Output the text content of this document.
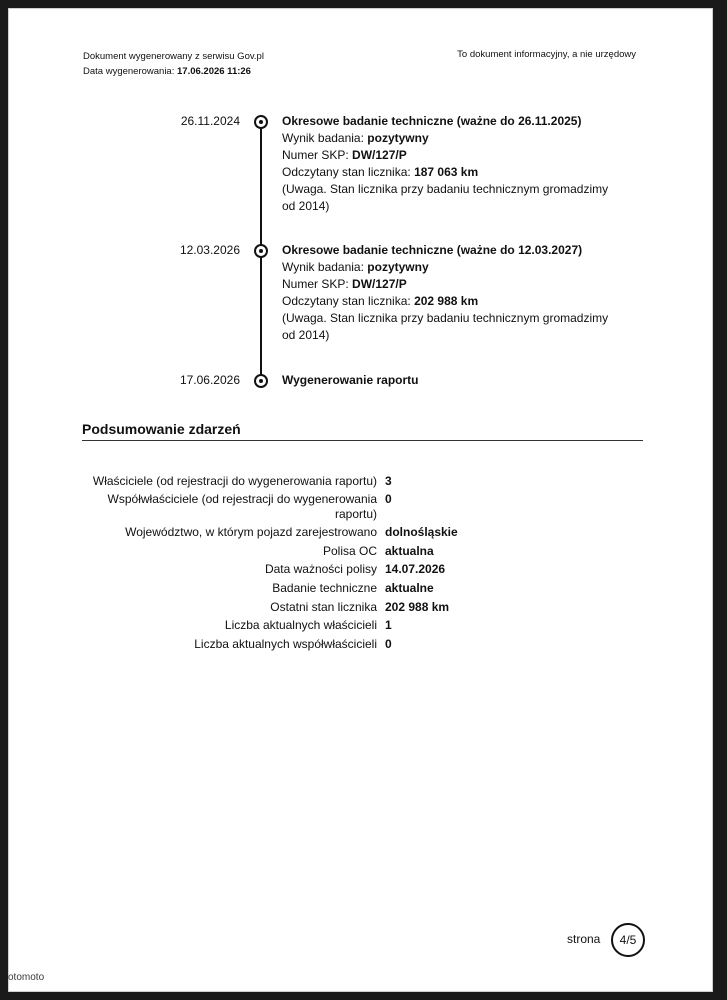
Dokument wygenerowany z serwisu Gov.pl
Data wygenerowania: 17.06.2026 11:26
To dokument informacyjny, a nie urzędowy
26.11.2024	Okresowe badanie techniczne (ważne do 26.11.2025)
Wynik badania: pozytywny
Numer SKP: DW/127/P
Odczytany stan licznika: 187 063 km
(Uwaga. Stan licznika przy badaniu technicznym gromadzimy od 2014)
12.03.2026	Okresowe badanie techniczne (ważne do 12.03.2027)
Wynik badania: pozytywny
Numer SKP: DW/127/P
Odczytany stan licznika: 202 988 km
(Uwaga. Stan licznika przy badaniu technicznym gromadzimy od 2014)
17.06.2026	Wygenerowanie raportu
Podsumowanie zdarzeń
Właściciele (od rejestracji do wygenerowania raportu) 3
Współwłaściciele (od rejestracji do wygenerowania raportu)
0
Województwo, w którym pojazd zarejestrowano dolnośląskie
Polisa OC aktualna
Data ważności polisy 14.07.2026
Badanie techniczne aktualne
Ostatni stan licznika 202 988 km
Liczba aktualnych właścicieli 1
Liczba aktualnych współwłaścicieli 0
strona	4/5
otomoto
